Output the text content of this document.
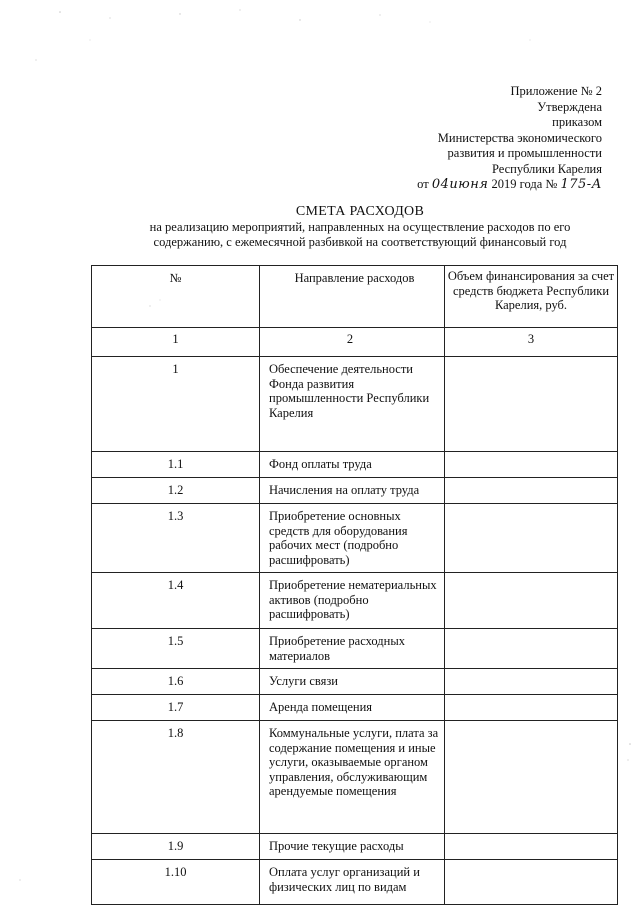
Приложение № 2
Утверждена
приказом
Министерства экономического
развития и промышленности
Республики Карелия
от 04июня 2019 года № 175-А
СМЕТА РАСХОДОВ
на реализацию мероприятий, направленных на осуществление расходов по его
содержанию, с ежемесячной разбивкой на соответствующий финансовый год
№	Направление расходов	Объем финансирования за счет средств бюджета Республики Карелия, руб.
1	2	3
1	Обеспечение деятельности Фонда развития промышленности Республики Карелия	
1.1	Фонд оплаты труда	
1.2	Начисления на оплату труда	
1.3	Приобретение основных средств для оборудования рабочих мест (подробно расшифровать)	
1.4	Приобретение нематериальных активов (подробно расшифровать)	
1.5	Приобретение расходных материалов	
1.6	Услуги связи	
1.7	Аренда помещения	
1.8	Коммунальные услуги, плата за содержание помещения и иные услуги, оказываемые органом управления, обслуживающим арендуемые помещения	
1.9	Прочие текущие расходы	
1.10	Оплата услуг организаций и физических лиц по видам	
